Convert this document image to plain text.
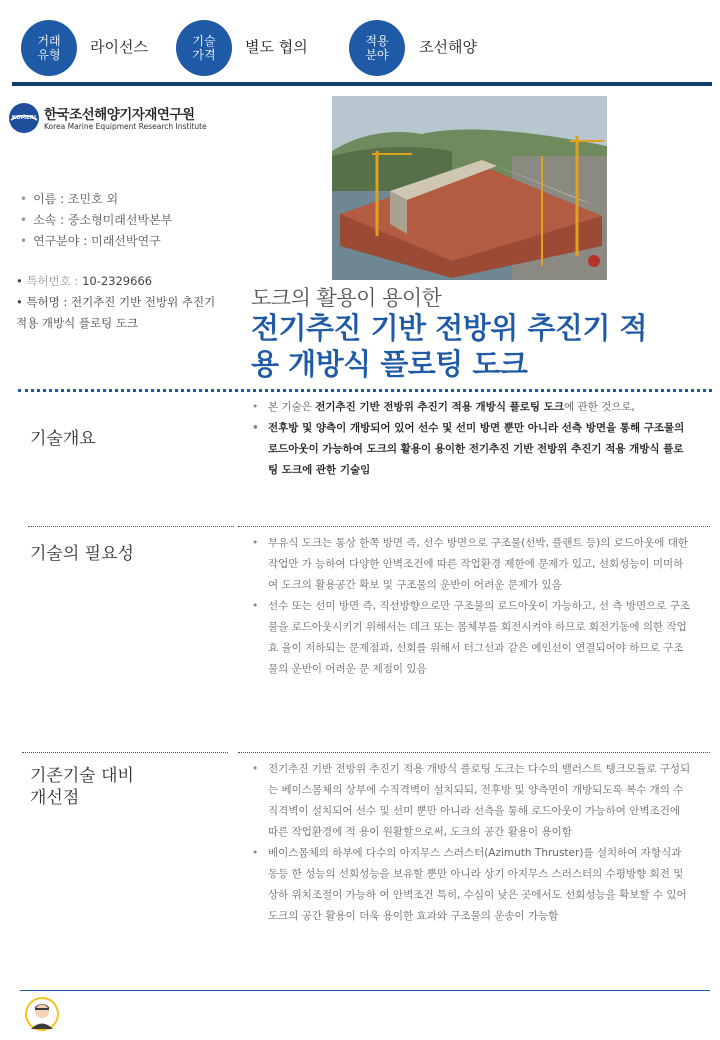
거래
유형 라이선스	기술
가격 별도 협의	적용
분야 조선해양
KOMERI 한국조선해양기자재연구원
Korea Marine Equipment Research Institute
• 이름 : 조민호 외
• 소속 : 중소형미래선박본부
• 연구분야 : 미래선박연구
• 특허번호 : 10-2329666
• 특허명 : 전기추진 기반 전방위 추진기
적용 개방식 플로팅 도크
도크의 활용이 용이한
전기추진 기반 전방위 추진기 적
용 개방식 플로팅 도크
기술개요
• 본 기술은 전기추진 기반 전방위 추진기 적용 개방식 플로팅 도크에 관한 것으로,
• 전후방 및 양측이 개방되어 있어 선수 및 선미 방면 뿐만 아니라 선측 방면을 통해 구조물의 로드아웃이 가능하여 도크의 활용이 용이한 전기추진 기반 전방위 추진기 적용 개방식 플로팅 도크에 관한 기술임
기술의 필요성
• 부유식 도크는 통상 한쪽 방면 즉, 선수 방면으로 구조물(선박, 플랜트 등)의 로드아웃에 대한 작업만 가 능하여 다양한 안벽조건에 따른 작업환경 제한에 문제가 있고, 선회성능이 미미하여 도크의 활용공간 확보 및 구조물의 운반이 어려운 문제가 있음
• 선수 또는 선미 방면 즉, 직선방향으로만 구조물의 로드아웃이 가능하고, 선 측 방면으로 구조물을 로드아웃시키기 위해서는 데크 또는 몸체부를 회전시켜야 하므로 회전기동에 의한 작업효 율이 저하되는 문제점과, 선회를 위해서 터그선과 같은 예인선이 연결되어야 하므로 구조물의 운반이 어려운 문 제점이 있음
기존기술 대비
개선점
• 전기추진 기반 전방위 추진기 적용 개방식 플로팅 도크는 다수의 밸러스트 탱크모듈로 구성되는 베이스몸체의 상부에 수직격벽이 설치되되, 전후방 및 양측면이 개방되도록 복수 개의 수 직격벽이 설치되어 선수 및 선미 뿐만 아니라 선측을 통해 로드아웃이 가능하여 안벽조건에 따른 작업환경에 적 용이 원활할으로써, 도크의 공간 활용이 용이함
• 베이스몸체의 하부에 다수의 아지무스 스러스터(Azimuth Thruster)를 설치하여 자항식과 동등 한 성능의 선회성능을 보유할 뿐만 아니라 상기 아지무스 스러스터의 수평방향 회전 및 상하 위치조절이 가능하 여 안벽조건 특히, 수심이 낮은 곳에서도 선회성능을 확보할 수 있어 도크의 공간 활용이 더욱 용이한 효과와 구조물의 운송이 가능함
